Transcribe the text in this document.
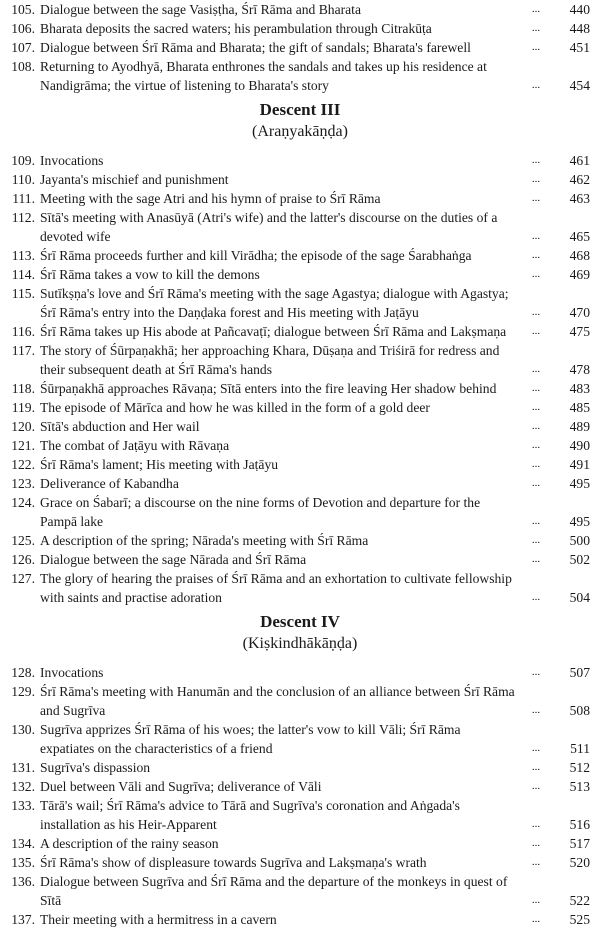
105. Dialogue between the sage Vasiṣṭha, Śrī Rāma and Bharata	...	440
106. Bharata deposits the sacred waters; his perambulation through Citrakūṭa	...	448
107. Dialogue between Śrī Rāma and Bharata; the gift of sandals; Bharata's farewell	...	451
108. Returning to Ayodhyā, Bharata enthrones the sandals and takes up his residence at Nandigrāma; the virtue of listening to Bharata's story	...	454
Descent III
(Araṇyakāṇḍa)
109. Invocations	...	461
110. Jayanta's mischief and punishment	...	462
111. Meeting with the sage Atri and his hymn of praise to Śrī Rāma	...	463
112. Sītā's meeting with Anasūyā (Atri's wife) and the latter's discourse on the duties of a devoted wife	...	465
113. Śrī Rāma proceeds further and kill Virādha; the episode of the sage Śarabhaṅga	...	468
114. Śrī Rāma takes a vow to kill the demons	...	469
115. Sutīkṣṇa's love and Śrī Rāma's meeting with the sage Agastya; dialogue with Agastya; Śrī Rāma's entry into the Daṇḍaka forest and His meeting with Jaṭāyu	...	470
116. Śrī Rāma takes up His abode at Pañcavaṭī; dialogue between Śrī Rāma and Lakṣmaṇa	...	475
117. The story of Śūrpaṇakhā; her approaching Khara, Dūṣaṇa and Triśirā for redress and their subsequent death at Śrī Rāma's hands	...	478
118. Śūrpaṇakhā approaches Rāvaṇa; Sītā enters into the fire leaving Her shadow behind	...	483
119. The episode of Mārīca and how he was killed in the form of a gold deer	...	485
120. Sītā's abduction and Her wail	...	489
121. The combat of Jaṭāyu with Rāvaṇa	...	490
122. Śrī Rāma's lament; His meeting with Jaṭāyu	...	491
123. Deliverance of Kabandha	...	495
124. Grace on Śabarī; a discourse on the nine forms of Devotion and departure for the Pampā lake	...	495
125. A description of the spring; Nārada's meeting with Śrī Rāma	...	500
126. Dialogue between the sage Nārada and Śrī Rāma	...	502
127. The glory of hearing the praises of Śrī Rāma and an exhortation to cultivate fellowship with saints and practise adoration	...	504
Descent IV
(Kiṣkindhākāṇḍa)
128. Invocations	...	507
129. Śrī Rāma's meeting with Hanumān and the conclusion of an alliance between Śrī Rāma and Sugrīva	...	508
130. Sugrīva apprizes Śrī Rāma of his woes; the latter's vow to kill Vāli; Śrī Rāma expatiates on the characteristics of a friend	...	511
131. Sugrīva's dispassion	...	512
132. Duel between Vāli and Sugrīva; deliverance of Vāli	...	513
133. Tārā's wail; Śrī Rāma's advice to Tārā and Sugrīva's coronation and Aṅgada's installation as his Heir-Apparent	...	516
134. A description of the rainy season	...	517
135. Śrī Rāma's show of displeasure towards Sugrīva and Lakṣmaṇa's wrath	...	520
136. Dialogue between Sugrīva and Śrī Rāma and the departure of the monkeys in quest of Sītā	...	522
137. Their meeting with a hermitress in a cavern	...	525
